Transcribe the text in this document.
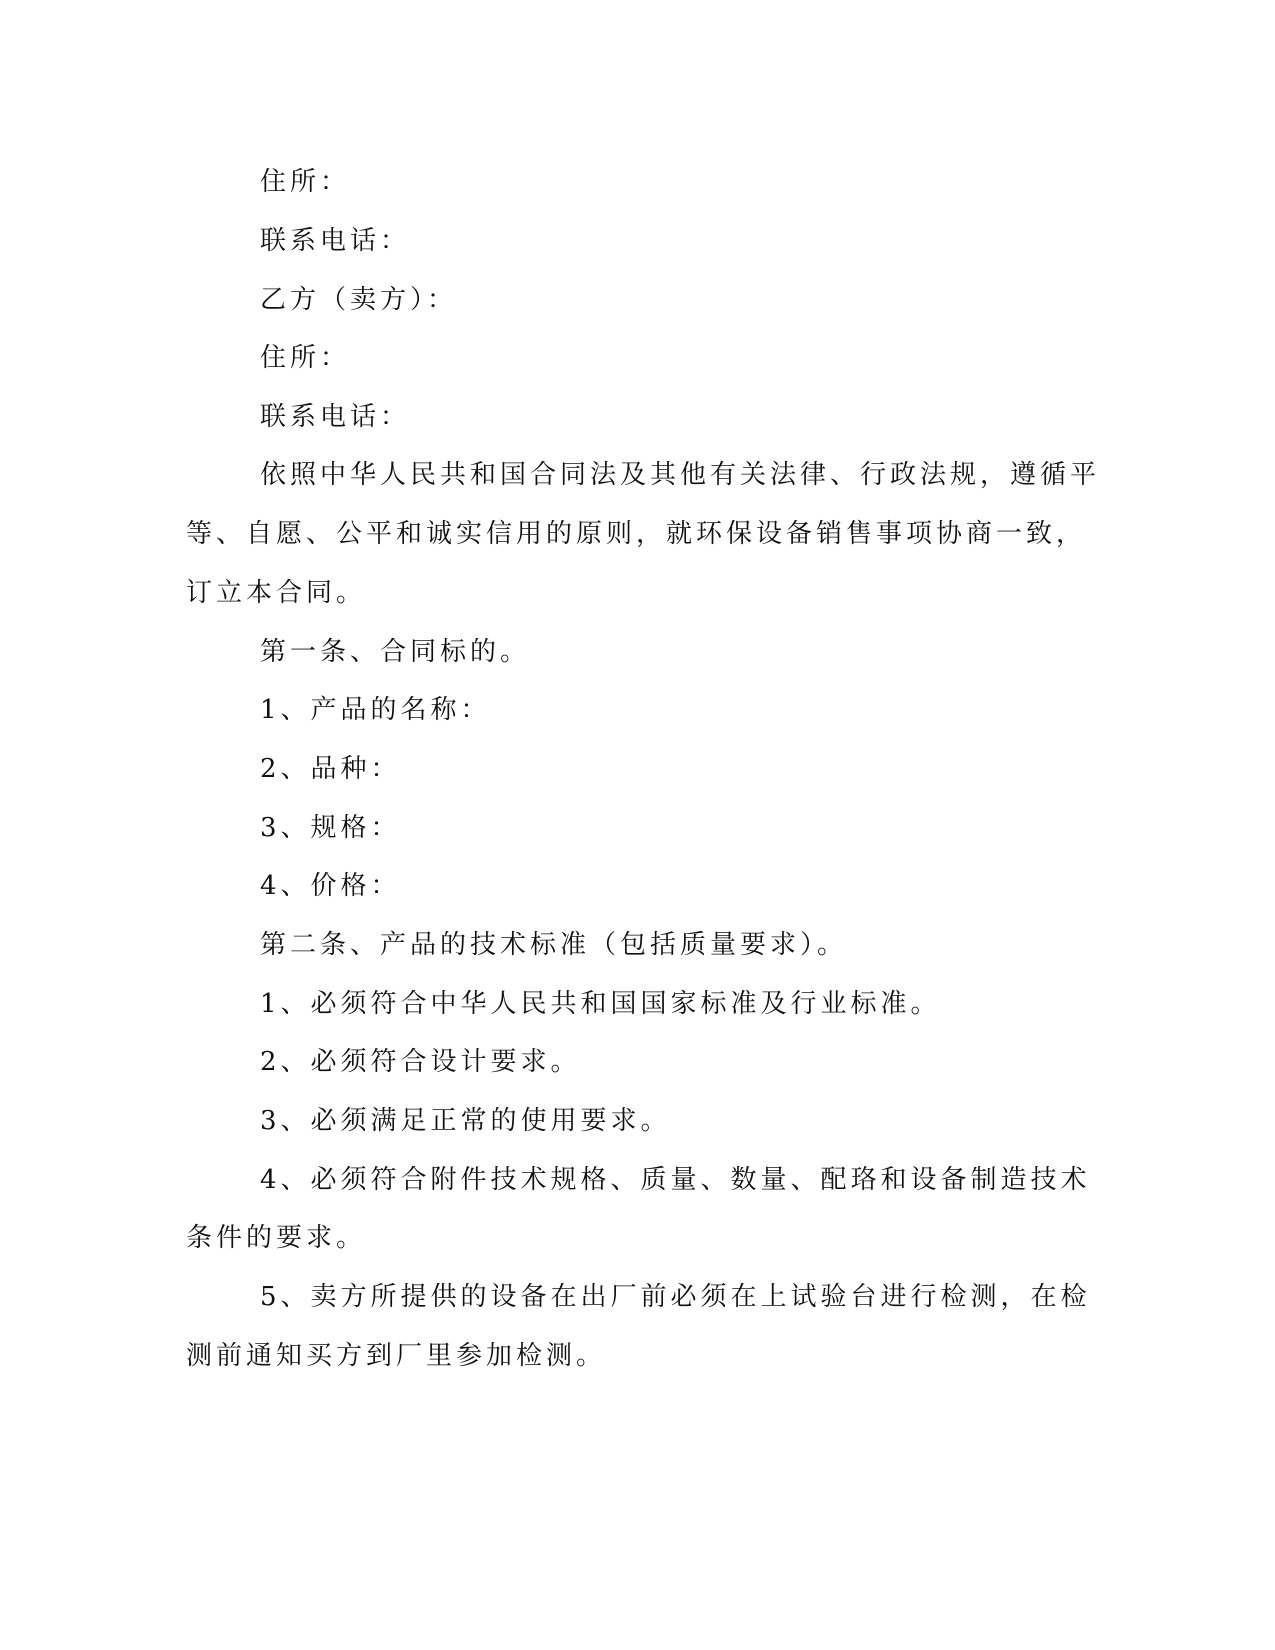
住所：
联系电话：
乙方（卖方）：
住所：
联系电话：
依照中华人民共和国合同法及其他有关法律、行政法规，遵循平
等、自愿、公平和诚实信用的原则，就环保设备销售事项协商一致，
订立本合同。
第一条、合同标的。
1、产品的名称：
2、品种：
3、规格：
4、价格：
第二条、产品的技术标准（包括质量要求）。
1、必须符合中华人民共和国国家标准及行业标准。
2、必须符合设计要求。
3、必须满足正常的使用要求。
4、必须符合附件技术规格、质量、数量、配珞和设备制造技术
条件的要求。
5、卖方所提供的设备在出厂前必须在上试验台进行检测，在检
测前通知买方到厂里参加检测。
